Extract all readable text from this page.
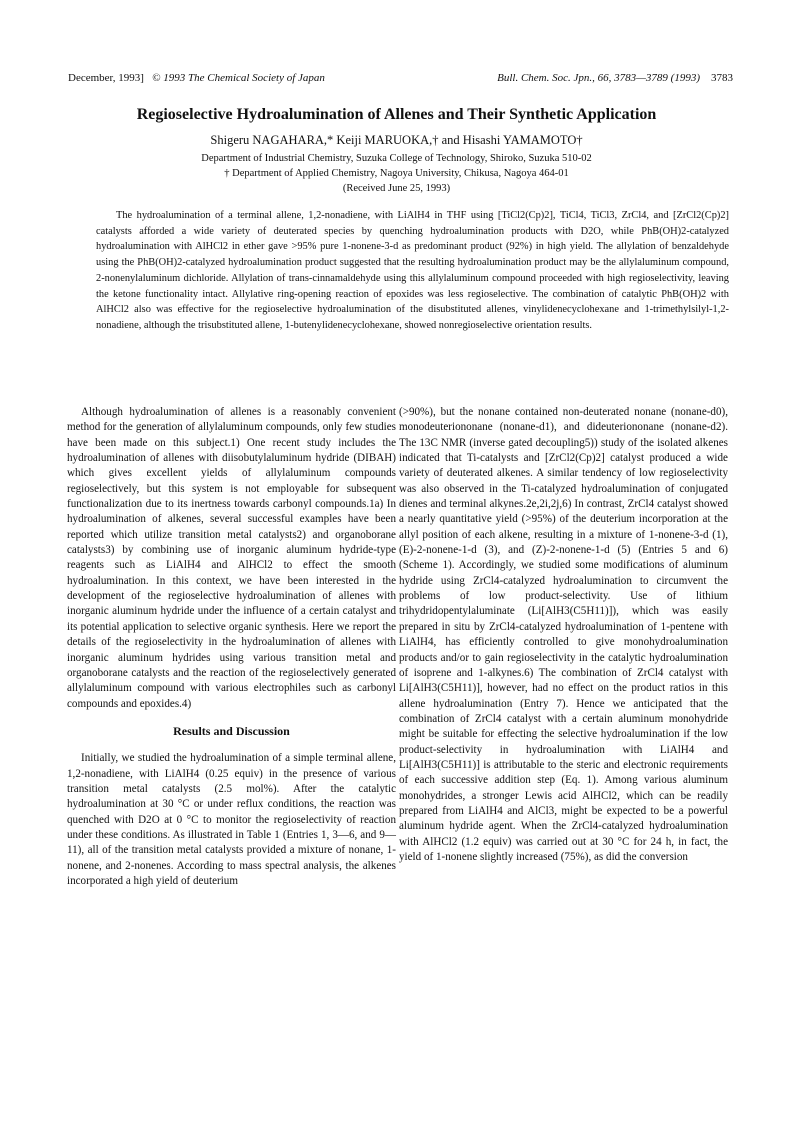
December, 1993] © 1993 The Chemical Society of Japan	Bull. Chem. Soc. Jpn., 66, 3783—3789 (1993) 3783
Regioselective Hydroalumination of Allenes and Their Synthetic Application
Shigeru NAGAHARA,* Keiji MARUOKA,† and Hisashi YAMAMOTO†
Department of Industrial Chemistry, Suzuka College of Technology, Shiroko, Suzuka 510-02
† Department of Applied Chemistry, Nagoya University, Chikusa, Nagoya 464-01
(Received June 25, 1993)

The hydroalumination of a terminal allene, 1,2-nonadiene, with LiAlH4 in THF using [TiCl2(Cp)2], TiCl4, TiCl3, ZrCl4, and [ZrCl2(Cp)2] catalysts afforded a wide variety of deuterated species by quenching hydroalumination products with D2O, while PhB(OH)2-catalyzed hydroalumination with AlHCl2 in ether gave >95% pure 1-nonene-3-d as predominant product (92%) in high yield. The allylation of benzaldehyde using the PhB(OH)2-catalyzed hydroalumination product suggested that the resulting hydroalumination product may be the allylaluminum compound, 2-nonenylaluminum dichloride. Allylation of trans-cinnamaldehyde using this allylaluminum compound proceeded with high regioselectivity, leaving the ketone functionality intact. Allylative ring-opening reaction of epoxides was less regioselective. The combination of catalytic PhB(OH)2 with AlHCl2 also was effective for the regioselective hydroalumination of the disubstituted allenes, vinylidenecyclohexane and 1-trimethylsilyl-1,2-nonadiene, although the trisubstituted allene, 1-butenylidenecyclohexane, showed nonregioselective orientation results.

Although hydroalumination of allenes is a reasonably convenient method for the generation of allylaluminum compounds, only few studies have been made on this subject.1) One recent study includes the hydroalumination of allenes with diisobutylaluminum hydride (DIBAH) which gives excellent yields of allylaluminum compounds regioselectively, but this system is not employable for subsequent functionalization due to its inertness towards carbonyl compounds.1a) In hydroalumination of alkenes, several successful examples have been reported which utilize transition metal catalysts2) and organoborane catalysts3) by combining use of inorganic aluminum hydride-type reagents such as LiAlH4 and AlHCl2 to effect the smooth hydroalumination. In this context, we have been interested in the development of the regioselective hydroalumination of allenes with inorganic aluminum hydride under the influence of a certain catalyst and its potential application to selective organic synthesis. Here we report the details of the regioselectivity in the hydroalumination of allenes with inorganic aluminum hydrides using various transition metal and organoborane catalysts and the reaction of the regioselectively generated allylaluminum compound with various electrophiles such as carbonyl compounds and epoxides.4)

Results and Discussion

Initially, we studied the hydroalumination of a simple terminal allene, 1,2-nonadiene, with LiAlH4 (0.25 equiv) in the presence of various transition metal catalysts (2.5 mol%). After the catalytic hydroalumination at 30 °C or under reflux conditions, the reaction was quenched with D2O at 0 °C to monitor the regioselectivity of reaction under these conditions. As illustrated in Table 1 (Entries 1, 3—6, and 9—11), all of the transition metal catalysts provided a mixture of nonane, 1-nonene, and 2-nonenes. According to mass spectral analysis, the alkenes incorporated a high yield of deuterium

(>90%), but the nonane contained non-deuterated nonane (nonane-d0), monodeuteriononane (nonane-d1), and dideuteriononane (nonane-d2). The 13C NMR (inverse gated decoupling5)) study of the isolated alkenes indicated that Ti-catalysts and [ZrCl2(Cp)2] catalyst produced a wide variety of deuterated alkenes. A similar tendency of low regioselectivity was also observed in the Ti-catalyzed hydroalumination of conjugated dienes and terminal alkynes.2e,2i,2j,6) In contrast, ZrCl4 catalyst showed a nearly quantitative yield (>95%) of the deuterium incorporation at the allyl position of each alkene, resulting in a mixture of 1-nonene-3-d (1), (E)-2-nonene-1-d (3), and (Z)-2-nonene-1-d (5) (Entries 5 and 6) (Scheme 1). Accordingly, we studied some modifications of aluminum hydride using ZrCl4-catalyzed hydroalumination to circumvent the problems of low product-selectivity. Use of lithium trihydridopentylaluminate (Li[AlH3(C5H11)]), which was easily prepared in situ by ZrCl4-catalyzed hydroalumination of 1-pentene with LiAlH4, has efficiently controlled to give monohydroalumination products and/or to gain regioselectivity in the catalytic hydroalumination of isoprene and 1-alkynes.6) The combination of ZrCl4 catalyst with Li[AlH3(C5H11)], however, had no effect on the product ratios in this allene hydroalumination (Entry 7). Hence we anticipated that the combination of ZrCl4 catalyst with a certain aluminum monohydride might be suitable for effecting the selective hydroalumination if the low product-selectivity in hydroalumination with LiAlH4 and Li[AlH3(C5H11)] is attributable to the steric and electronic requirements of each successive addition step (Eq. 1). Among various aluminum monohydrides, a stronger Lewis acid AlHCl2, which can be readily prepared from LiAlH4 and AlCl3, might be expected to be a powerful aluminum hydride agent. When the ZrCl4-catalyzed hydroalumination with AlHCl2 (1.2 equiv) was carried out at 30 °C for 24 h, in fact, the yield of 1-nonene slightly increased (75%), as did the conversion
